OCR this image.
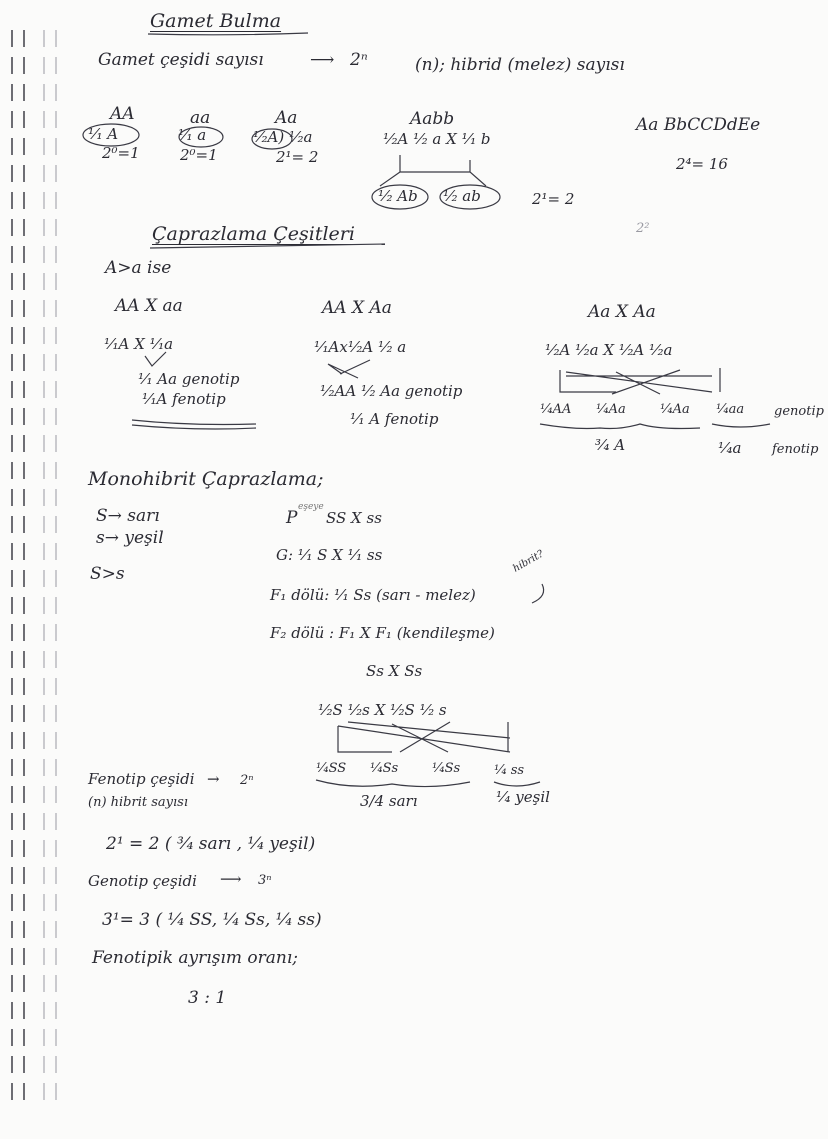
Gamet Bulma
Gamet çeşidi sayısı	⟶ 2ⁿ	(n); hibrid (melez) sayısı
AA
¹⁄₁ A
2⁰=1
aa
¹⁄₁ a
2⁰=1
Aa
¹⁄₂A) ¹⁄₂a
2¹= 2
Aabb
¹⁄₂A ¹⁄₂ a X ¹⁄₁ b
¹⁄₂ Ab ¹⁄₂ ab	2¹= 2
Aa BbCCDdEe
2⁴= 16
2²
Çaprazlama Çeşitleri
A>a ise
AA X aa
¹⁄₁A X ¹⁄₁a
¹⁄₁ Aa genotip
¹⁄₁A fenotip
AA X Aa
¹⁄₁Ax¹⁄₂A ¹⁄₂ a
¹⁄₂AA ¹⁄₂ Aa genotip
¹⁄₁ A fenotip
Aa X Aa
¹⁄₂A ¹⁄₂a X ¹⁄₂A ¹⁄₂a
¹⁄₄AA ¹⁄₄Aa	¹⁄₄Aa ¹⁄₄aa genotip
³⁄₄ A	¹⁄₄a fenotip
Monohibrit Çaprazlama;
S→ sarı
s→ yeşil
S>s
P
eşeye
SS X ss
G: ¹⁄₁ S X ¹⁄₁ ss
F₁ dölü: ¹⁄₁ Ss (sarı - melez)
hibrit?
F₂ dölü : F₁ X F₁ (kendileşme)
Ss X Ss
¹⁄₂S ¹⁄₂s X ¹⁄₂S ¹⁄₂ s
¹⁄₄SS ¹⁄₄Ss	¹⁄₄Ss	¹⁄₄ ss
3/4 sarı	¹⁄₄ yeşil
Fenotip çeşidi → 2ⁿ
(n) hibrit sayısı
2¹ = 2 ( ³⁄₄ sarı , ¹⁄₄ yeşil)
Genotip çeşidi ⟶ 3ⁿ
3¹= 3 ( ¹⁄₄ SS, ¹⁄₄ Ss, ¹⁄₄ ss)
Fenotipik ayrışım oranı;
3 : 1
